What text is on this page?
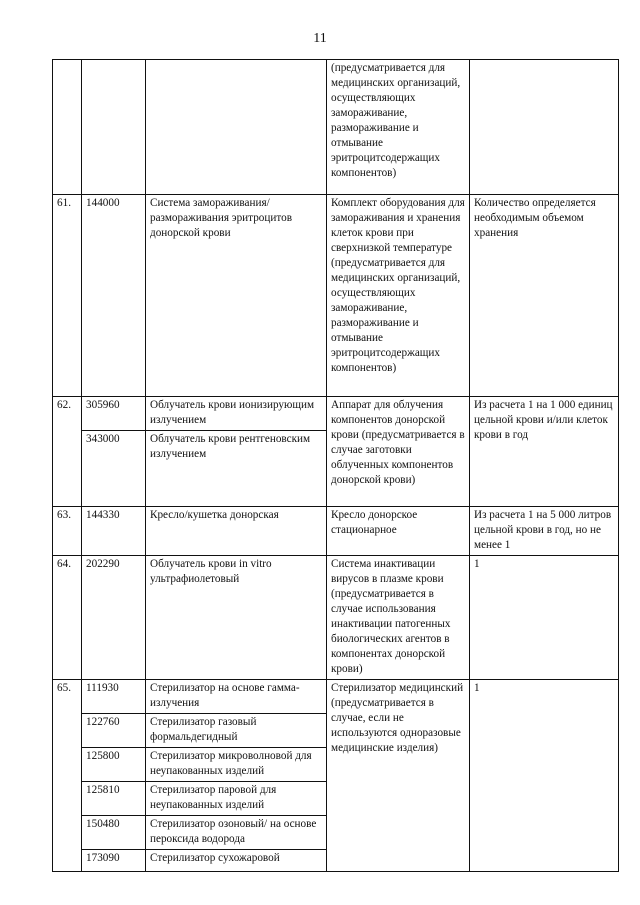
11
			(предусматривается для медицинских организаций, осуществляющих замораживание, размораживание и отмывание эритроцитсодержащих компонентов)	
61.	144000	Система замораживания/ размораживания эритроцитов донорской крови	Комплект оборудования для замораживания и хранения клеток крови при сверхнизкой температуре (предусматривается для медицинских организаций, осуществляющих замораживание, размораживание и отмывание эритроцитсодержащих компонентов)	Количество определяется необходимым объемом хранения
62.	305960	Облучатель крови ионизирующим излучением	Аппарат для облучения компонентов донорской крови (предусматривается в случае заготовки облученных компонентов донорской крови)	Из расчета 1 на 1 000 единиц цельной крови и/или клеток крови в год
	343000	Облучатель крови рентгеновским излучением		
63.	144330	Кресло/кушетка донорская	Кресло донорское стационарное	Из расчета 1 на 5 000 литров цельной крови в год, но не менее 1
64.	202290	Облучатель крови in vitro ультрафиолетовый	Система инактивации вирусов в плазме крови (предусматривается в случае использования инактивации патогенных биологических агентов в компонентах донорской крови)	1
65.	111930	Стерилизатор на основе гамма-излучения	Стерилизатор медицинский (предусматривается в случае, если не используются одноразовые медицинские изделия)	1
	122760	Стерилизатор газовый формальдегидный		
	125800	Стерилизатор микроволновой для неупакованных изделий		
	125810	Стерилизатор паровой для неупакованных изделий		
	150480	Стерилизатор озоновый/ на основе пероксида водорода		
	173090	Стерилизатор сухожаровой		
